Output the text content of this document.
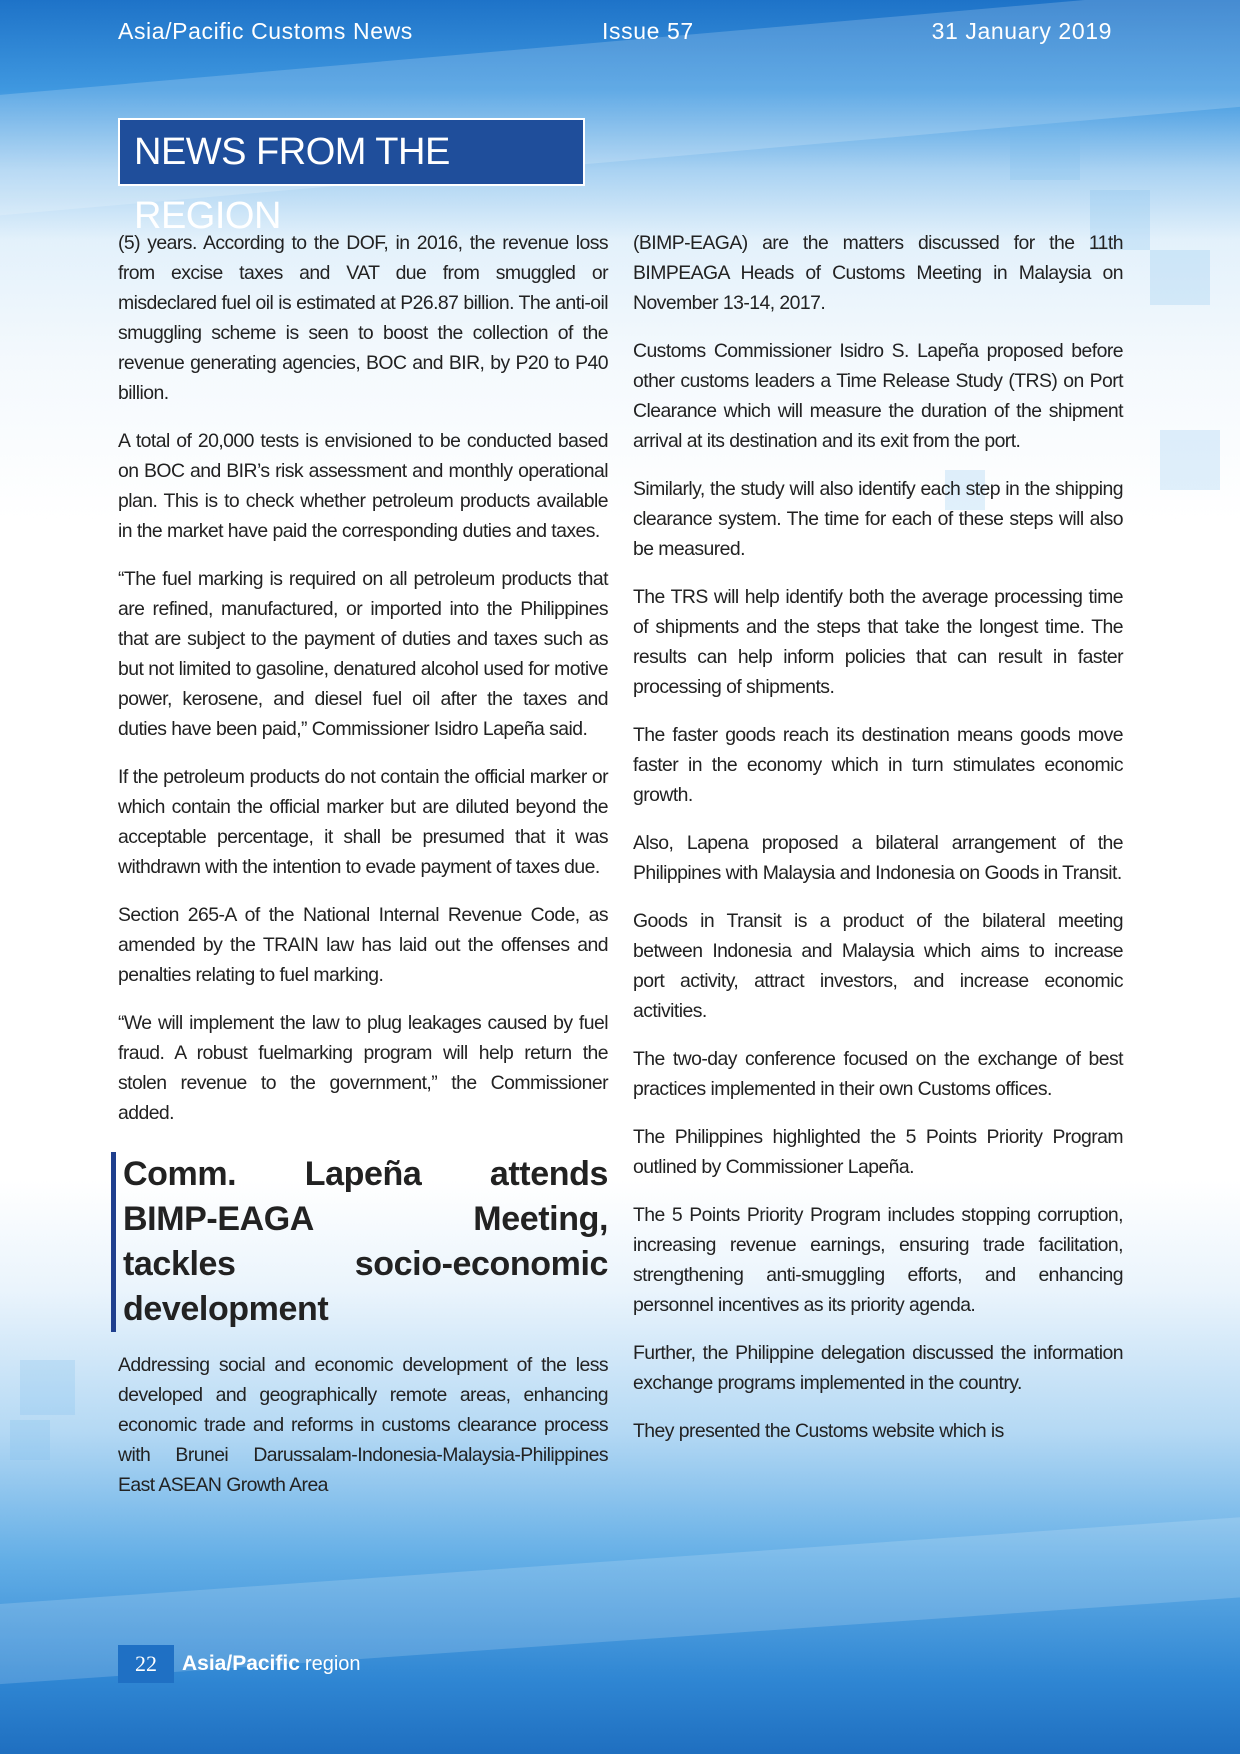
Asia/Pacific Customs News	Issue 57	31 January 2019
NEWS FROM THE REGION

(5) years. According to the DOF, in 2016, the revenue loss from excise taxes and VAT due from smuggled or misdeclared fuel oil is estimated at P26.87 billion. The anti-oil smuggling scheme is seen to boost the collection of the revenue generating agencies, BOC and BIR, by P20 to P40 billion.

A total of 20,000 tests is envisioned to be conducted based on BOC and BIR’s risk assessment and monthly operational plan. This is to check whether petroleum products available in the market have paid the corresponding duties and taxes.

“The fuel marking is required on all petroleum products that are refined, manufactured, or imported into the Philippines that are subject to the payment of duties and taxes such as but not limited to gasoline, denatured alcohol used for motive power, kerosene, and diesel fuel oil after the taxes and duties have been paid,” Commissioner Isidro Lapeña said.

If the petroleum products do not contain the official marker or which contain the official marker but are diluted beyond the acceptable percentage, it shall be presumed that it was withdrawn with the intention to evade payment of taxes due.

Section 265-A of the National Internal Revenue Code, as amended by the TRAIN law has laid out the offenses and penalties relating to fuel marking.

“We will implement the law to plug leakages caused by fuel fraud. A robust fuelmarking program will help return the stolen revenue to the government,” the Commissioner added.

Comm. Lapeña attends
BIMP-EAGA Meeting,
tackles socio-economic
development

Addressing social and economic development of the less developed and geographically remote areas, enhancing economic trade and reforms in customs clearance process with Brunei Darussalam-Indonesia-Malaysia-Philippines East ASEAN Growth Area

(BIMP-EAGA) are the matters discussed for the 11th BIMPEAGA Heads of Customs Meeting in Malaysia on November 13-14, 2017.

Customs Commissioner Isidro S. Lapeña proposed before other customs leaders a Time Release Study (TRS) on Port Clearance which will measure the duration of the shipment arrival at its destination and its exit from the port.

Similarly, the study will also identify each step in the shipping clearance system. The time for each of these steps will also be measured.

The TRS will help identify both the average processing time of shipments and the steps that take the longest time. The results can help inform policies that can result in faster processing of shipments.

The faster goods reach its destination means goods move faster in the economy which in turn stimulates economic growth.

Also, Lapena proposed a bilateral arrangement of the Philippines with Malaysia and Indonesia on Goods in Transit.

Goods in Transit is a product of the bilateral meeting between Indonesia and Malaysia which aims to increase port activity, attract investors, and increase economic activities.

The two-day conference focused on the exchange of best practices implemented in their own Customs offices.

The Philippines highlighted the 5 Points Priority Program outlined by Commissioner Lapeña.

The 5 Points Priority Program includes stopping corruption, increasing revenue earnings, ensuring trade facilitation, strengthening anti-smuggling efforts, and enhancing personnel incentives as its priority agenda.

Further, the Philippine delegation discussed the information exchange programs implemented in the country.

They presented the Customs website which is

22	Asia/Pacific region
